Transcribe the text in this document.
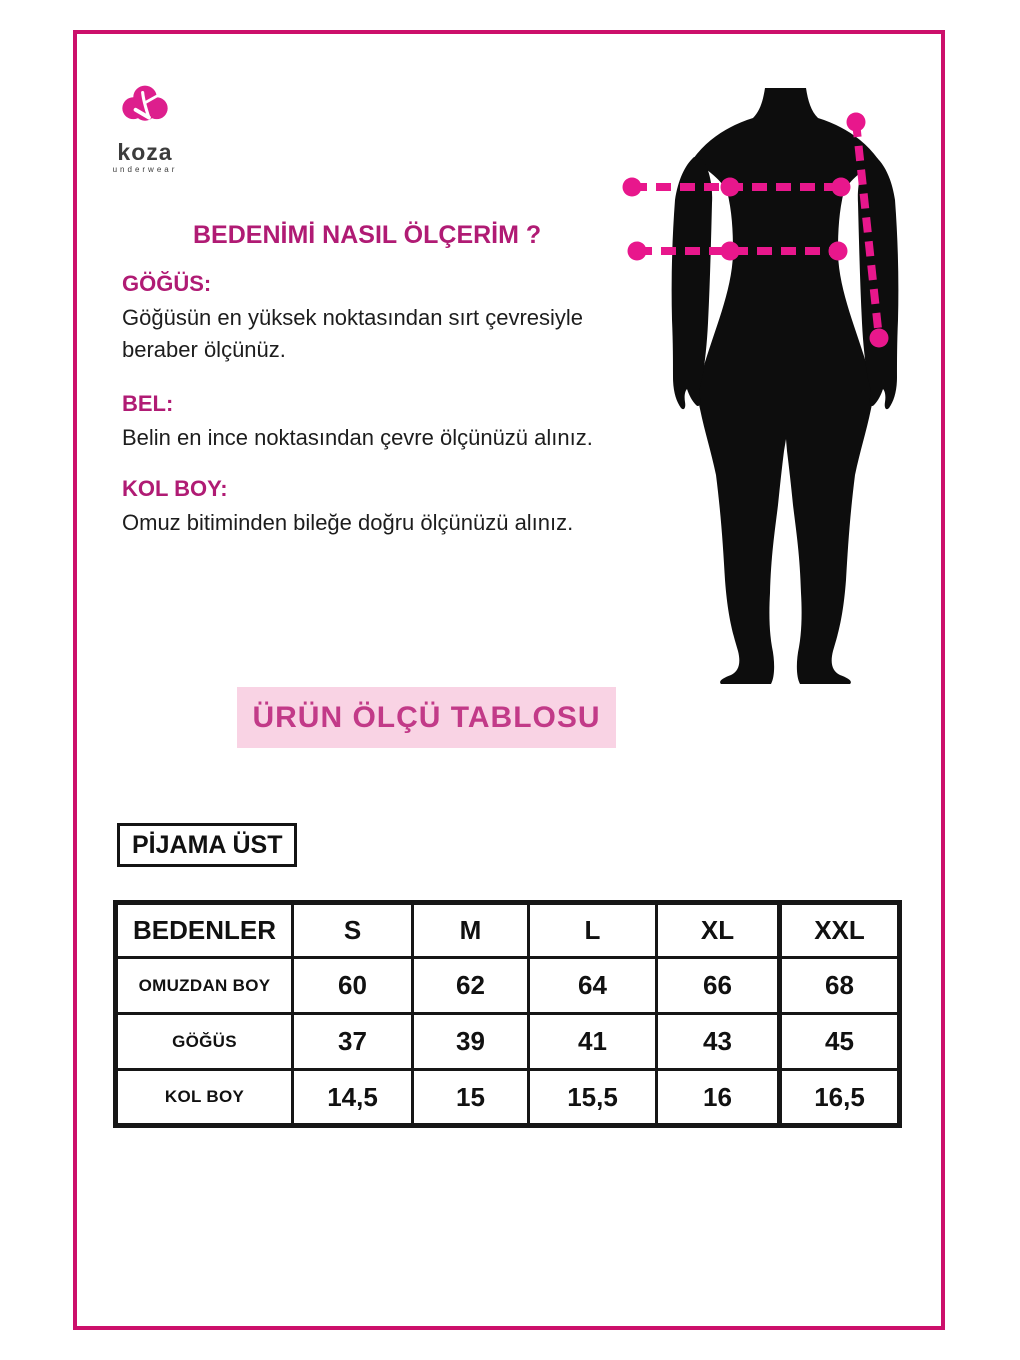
koza
underwear
BEDENİMİ NASIL ÖLÇERİM ?
GÖĞÜS:
Göğüsün en yüksek noktasından sırt çevresiyle beraber ölçünüz.
BEL:
Belin en ince noktasından çevre ölçünüzü alınız.
KOL BOY:
Omuz bitiminden bileğe doğru ölçünüzü alınız.
ÜRÜN ÖLÇÜ TABLOSU
PİJAMA ÜST
BEDENLER	S	M	L	XL	XXL
OMUZDAN BOY	60	62	64	66	68
GÖĞÜS	37	39	41	43	45
KOL BOY	14,5	15	15,5	16	16,5
